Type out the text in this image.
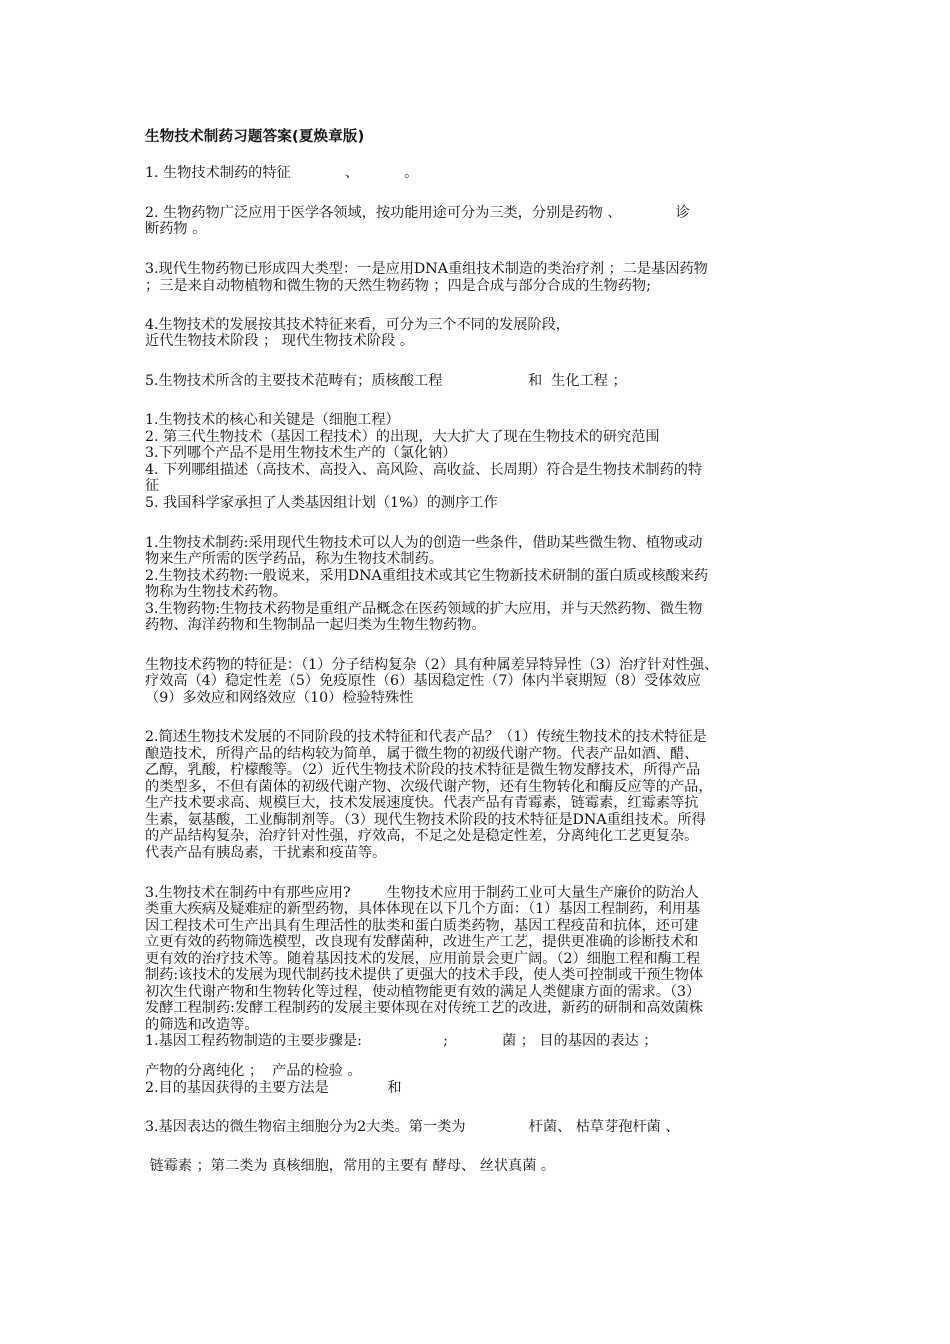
生物技术制药习题答案(夏焕章版)
1. 生物技术制药的特征            、          。
2. 生物药物广泛应用于医学各领域，按功能用途可分为三类，分别是药物 、            诊
断药物 。
3.现代生物药物已形成四大类型：一是应用DNA重组技术制造的类治疗剂 ；二是基因药物
；三是来自动物植物和微生物的天然生物药物 ；四是合成与部分合成的生物药物;
4.生物技术的发展按其技术特征来看，可分为三个不同的发展阶段，
近代生物技术阶段 ； 现代生物技术阶段 。
5.生物技术所含的主要技术范畴有；质核酸工程                   和  生化工程 ；
1.生物技术的核心和关键是（细胞工程）
2. 第三代生物技术（基因工程技术）的出现，大大扩大了现在生物技术的研究范围
3.下列哪个产品不是用生物技术生产的（氯化钠）
4. 下列哪组描述（高技术、高投入、高风险、高收益、长周期）符合是生物技术制药的特
征
5. 我国科学家承担了人类基因组计划（1%）的测序工作
1.生物技术制药:采用现代生物技术可以人为的创造一些条件，借助某些微生物、植物或动
物来生产所需的医学药品，称为生物技术制药。
2.生物技术药物:一般说来，采用DNA重组技术或其它生物新技术研制的蛋白质或核酸来药
物称为生物技术药物。
3.生物药物:生物技术药物是重组产品概念在医药领域的扩大应用，并与天然药物、微生物
药物、海洋药物和生物制品一起归类为生物生物药物。
生物技术药物的特征是：（1）分子结构复杂（2）具有种属差异特异性（3）治疗针对性强、
疗效高（4）稳定性差（5）免疫原性（6）基因稳定性（7）体内半衰期短（8）受体效应
（9）多效应和网络效应（10）检验特殊性
2.简述生物技术发展的不同阶段的技术特征和代表产品？（1）传统生物技术的技术特征是
酿造技术，所得产品的结构较为简单，属于微生物的初级代谢产物。代表产品如酒、醋、
乙醇，乳酸，柠檬酸等。（2）近代生物技术阶段的技术特征是微生物发酵技术，所得产品
的类型多，不但有菌体的初级代谢产物、次级代谢产物，还有生物转化和酶反应等的产品，
生产技术要求高、规模巨大，技术发展速度快。代表产品有青霉素，链霉素，红霉素等抗
生素，氨基酸，工业酶制剂等。（3）现代生物技术阶段的技术特征是DNA重组技术。所得
的产品结构复杂，治疗针对性强，疗效高，不足之处是稳定性差，分离纯化工艺更复杂。
代表产品有胰岛素，干扰素和疫苗等。
3.生物技术在制药中有那些应用?        生物技术应用于制药工业可大量生产廉价的防治人
类重大疾病及疑难症的新型药物，具体体现在以下几个方面：（1）基因工程制药，利用基
因工程技术可生产出具有生理活性的肽类和蛋白质类药物，基因工程疫苗和抗体，还可建
立更有效的药物筛选模型，改良现有发酵菌种，改进生产工艺，提供更准确的诊断技术和
更有效的治疗技术等。随着基因技术的发展，应用前景会更广阔。（2）细胞工程和酶工程
制药:该技术的发展为现代制药技术提供了更强大的技术手段，使人类可控制或干预生物体
初次生代谢产物和生物转化等过程，使动植物能更有效的满足人类健康方面的需求。（3）
发酵工程制药:发酵工程制药的发展主要体现在对传统工艺的改进，新药的研制和高效菌株
的筛选和改造等。
1.基因工程药物制造的主要步骤是:                  ;            菌 ； 目的基因的表达 ；
产物的分离纯化 ；  产品的检验 。
2.目的基因获得的主要方法是             和
3.基因表达的微生物宿主细胞分为2大类。第一类为              杆菌、 枯草芽孢杆菌 、
链霉素 ；第二类为 真核细胞，常用的主要有 酵母、 丝状真菌 。
